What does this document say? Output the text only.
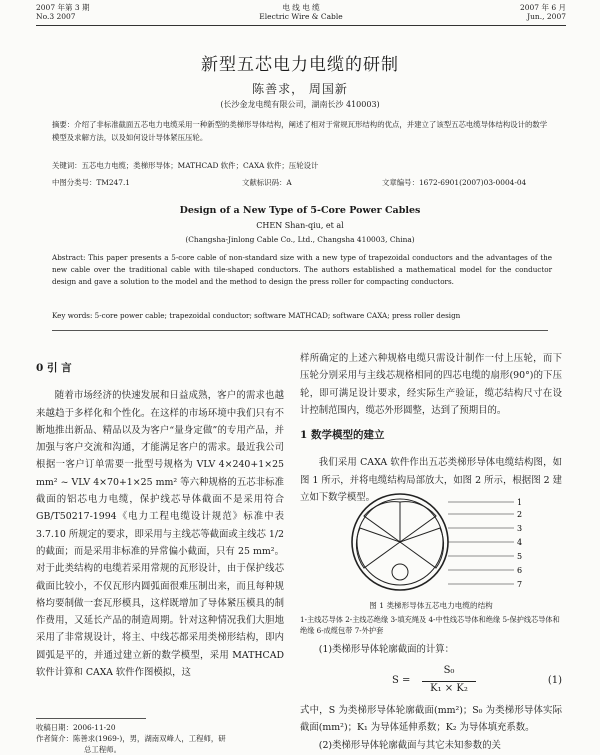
2007 年第 3 期
No.3 2007
电 线 电 缆
Electric Wire & Cable
2007 年 6 月
Jun., 2007
新型五芯电力电缆的研制
陈善求， 周国新
(长沙金龙电缆有限公司，湖南长沙 410003)
摘要：介绍了非标准截面五芯电力电缆采用一种新型的类梯形导体结构，阐述了相对于常规瓦形结构的优点，并建立了该型五芯电缆导体结构设计的数学模型及求解方法，以及如何设计导体紧压压轮。
关键词：五芯电力电缆；类梯形导体；MATHCAD 软件；CAXA 软件；压轮设计
中图分类号：TM247.1	文献标识码：A	文章编号：1672-6901(2007)03-0004-04
Design of a New Type of 5-Core Power Cables
CHEN Shan-qiu, et al
(Changsha-Jinlong Cable Co., Ltd., Changsha 410003, China)
Abstract: This paper presents a 5-core cable of non-standard size with a new type of trapezoidal conductors and the advantages of the new cable over the traditional cable with tile-shaped conductors. The authors established a mathematical model for the conductor design and gave a solution to the model and the method to design the press roller for compacting conductors.
Key words: 5-core power cable; trapezoidal conductor; software MATHCAD; software CAXA; press roller design
0 引 言

随着市场经济的快速发展和日益成熟，客户的需求也越来越趋于多样化和个性化。在这样的市场环境中我们只有不断地推出新品、精品以及为客户“量身定做”的专用产品，并加强与客户交流和沟通，才能满足客户的需求。最近我公司根据一客户订单需要一批型号规格为 VLV 4×240+1×25 mm² ~ VLV 4×70+1×25 mm² 等六种规格的五芯非标准截面的铝芯电力电缆，保护线芯导体截面不是采用符合 GB/T50217-1994《电力工程电缆设计规范》标准中表 3.7.10 所规定的要求，即采用与主线芯等截面或主线芯 1/2 的截面；而是采用非标准的异常偏小截面，只有 25 mm²。对于此类结构的电缆若采用常规的瓦形设计，由于保护线芯截面比较小，不仅瓦形内圆弧面很难压制出来，而且每种规格均要制做一套瓦形模具，这样既增加了导体紧压模具的制作费用，又延长产品的制造周期。针对这种情况我们大胆地采用了非常规设计，将主、中线芯都采用类梯形结构，即内圆弧是平的，并通过建立新的数学模型，采用 MATHCAD 软件计算和 CAXA 软件作图模拟，这

样所确定的上述六种规格电缆只需设计制作一付上压轮，而下压轮分别采用与主线芯规格相同的四芯电缆的扇形(90°)的下压轮，即可满足设计要求，经实际生产验证，缆芯结构尺寸在设计控制范围内，缆芯外形圆整，达到了预期目的。

1 数学模型的建立

我们采用 CAXA 软件作出五芯类梯形导体电缆结构图，如图 1 所示，并将电缆结构局部放大，如图 2 所示，根据图 2 建立如下数学模型。	1
2
3
4
5
6
7
图 1 类梯形导体五芯电力电缆的结构
1-主线芯导体 2-主线芯绝缘 3-填充绳及 4-中性线芯导体和绝缘 5-保护线芯导体和绝缘 6-成缆包带 7-外护套

(1)类梯形导体轮廓截面的计算：

S =
S₀
K₁ × K₂
(1)

式中，S 为类梯形导体轮廓截面(mm²)；S₀ 为类梯形导体实际截面(mm²)；K₁ 为导体延伸系数；K₂ 为导体填充系数。

(2)类梯形导体轮廓截面与其它未知参数的关

收稿日期：2006-11-20
作者简介：陈善求(1969-)，男，湖南双峰人，工程师，研
总工程师。
